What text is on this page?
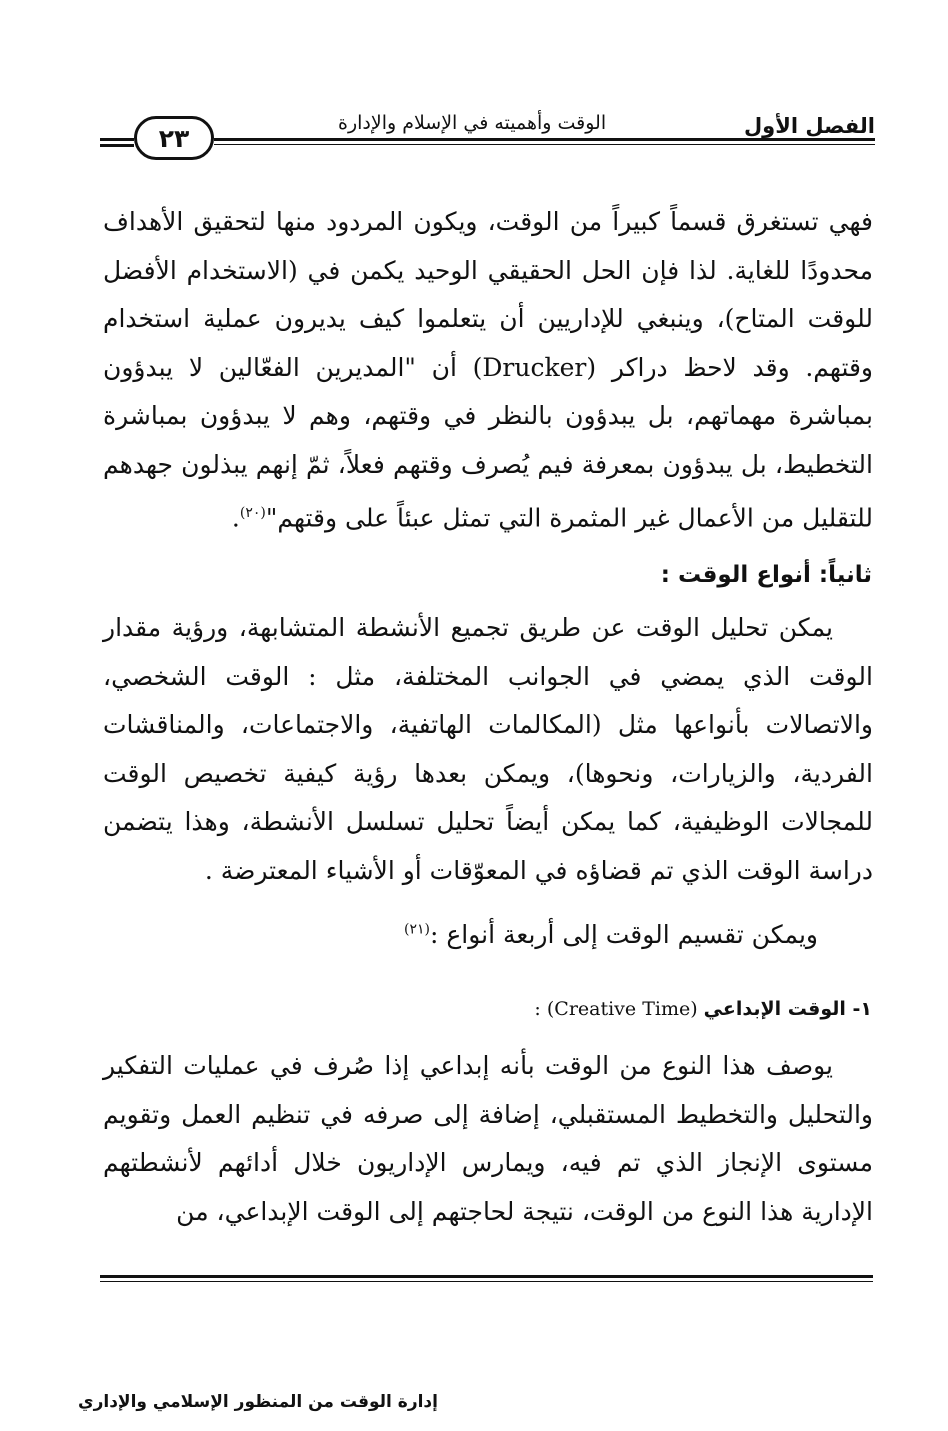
الفصل الأول
الوقت وأهميته في الإسلام والإدارة
٢٣

فهي تستغرق قسماً كبيراً من الوقت، ويكون المردود منها لتحقيق الأهداف محدودًا للغاية. لذا فإن الحل الحقيقي الوحيد يكمن في (الاستخدام الأفضل للوقت المتاح)، وينبغي للإداريين أن يتعلموا كيف يديرون عملية استخدام وقتهم. وقد لاحظ دراكر (Drucker) أن "المديرين الفعّالين لا يبدؤون بمباشرة مهماتهم، بل يبدؤون بالنظر في وقتهم، وهم لا يبدؤون بمباشرة التخطيط، بل يبدؤون بمعرفة فيم يُصرف وقتهم فعلاً، ثمّ إنهم يبذلون جهدهم للتقليل من الأعمال غير المثمرة التي تمثل عبئاً على وقتهم"$^{(٢٠)}$.

ثانياً: أنواع الوقت :

يمكن تحليل الوقت عن طريق تجميع الأنشطة المتشابهة، ورؤية مقدار الوقت الذي يمضي في الجوانب المختلفة، مثل : الوقت الشخصي، والاتصالات بأنواعها مثل (المكالمات الهاتفية، والاجتماعات، والمناقشات الفردية، والزيارات، ونحوها)، ويمكن بعدها رؤية كيفية تخصيص الوقت للمجالات الوظيفية، كما يمكن أيضاً تحليل تسلسل الأنشطة، وهذا يتضمن دراسة الوقت الذي تم قضاؤه في المعوّقات أو الأشياء المعترضة .

ويمكن تقسيم الوقت إلى أربعة أنواع :$^{(٢١)}$
١- الوقت الإبداعي (Creative Time) :

يوصف هذا النوع من الوقت بأنه إبداعي إذا صُرف في عمليات التفكير والتحليل والتخطيط المستقبلي، إضافة إلى صرفه في تنظيم العمل وتقويم مستوى الإنجاز الذي تم فيه، ويمارس الإداريون خلال أدائهم لأنشطتهم الإدارية هذا النوع من الوقت، نتيجة لحاجتهم إلى الوقت الإبداعي، من

إدارة الوقت من المنظور الإسلامي والإداري
